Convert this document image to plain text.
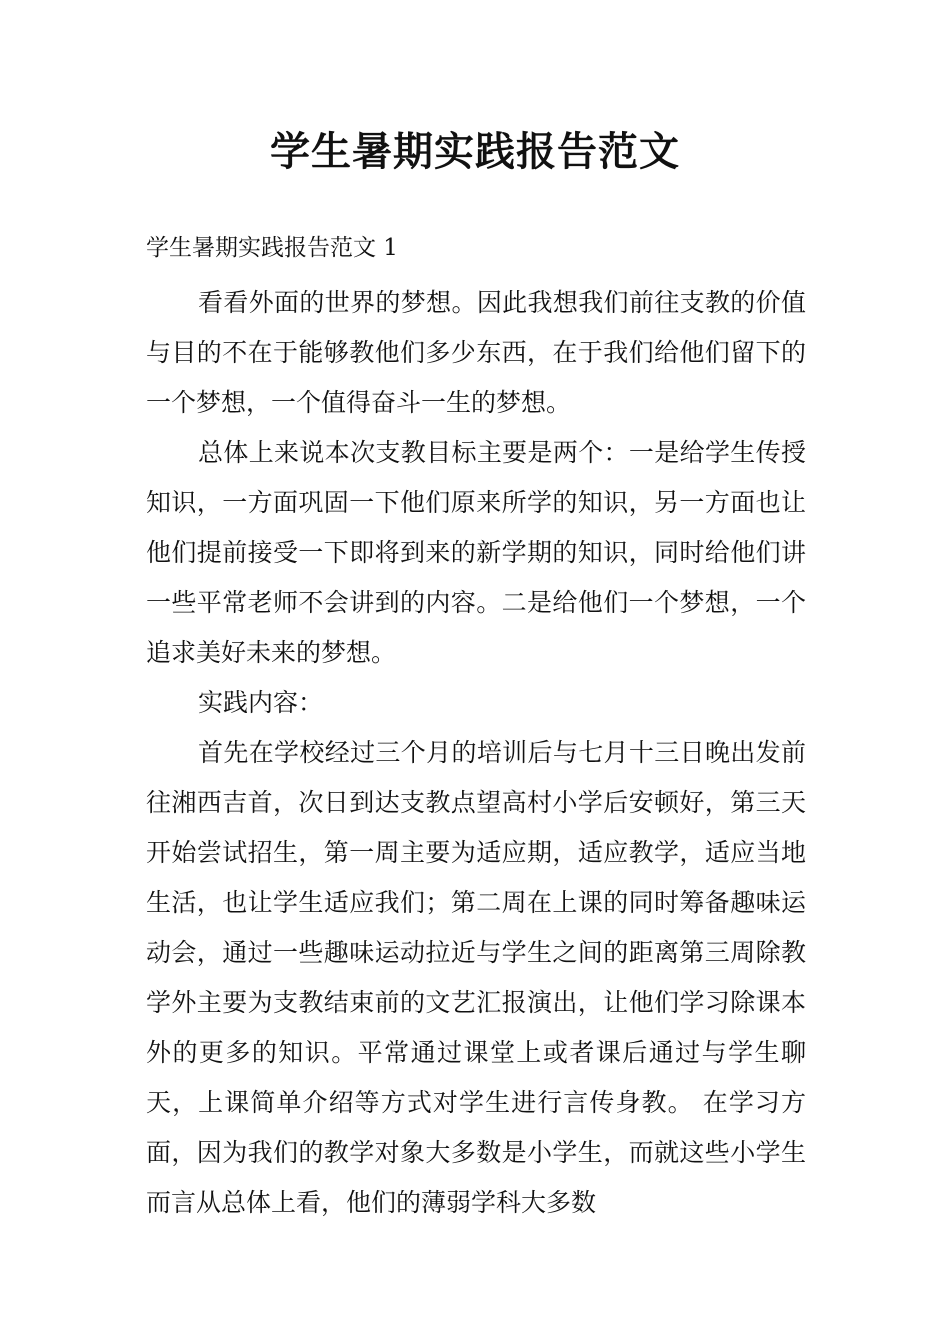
学生暑期实践报告范文
学生暑期实践报告范文 1

看看外面的世界的梦想。因此我想我们前往支教的价值与目的不在于能够教他们多少东西，在于我们给他们留下的一个梦想，一个值得奋斗一生的梦想。

总体上来说本次支教目标主要是两个：一是给学生传授知识，一方面巩固一下他们原来所学的知识，另一方面也让他们提前接受一下即将到来的新学期的知识，同时给他们讲一些平常老师不会讲到的内容。二是给他们一个梦想，一个追求美好未来的梦想。

实践内容：

首先在学校经过三个月的培训后与七月十三日晚出发前往湘西吉首，次日到达支教点望高村小学后安顿好，第三天开始尝试招生，第一周主要为适应期，适应教学，适应当地生活，也让学生适应我们；第二周在上课的同时筹备趣味运动会，通过一些趣味运动拉近与学生之间的距离第三周除教学外主要为支教结束前的文艺汇报演出，让他们学习除课本外的更多的知识。平常通过课堂上或者课后通过与学生聊天，上课简单介绍等方式对学生进行言传身教。 在学习方面，因为我们的教学对象大多数是小学生，而就这些小学生而言从总体上看，他们的薄弱学科大多数
